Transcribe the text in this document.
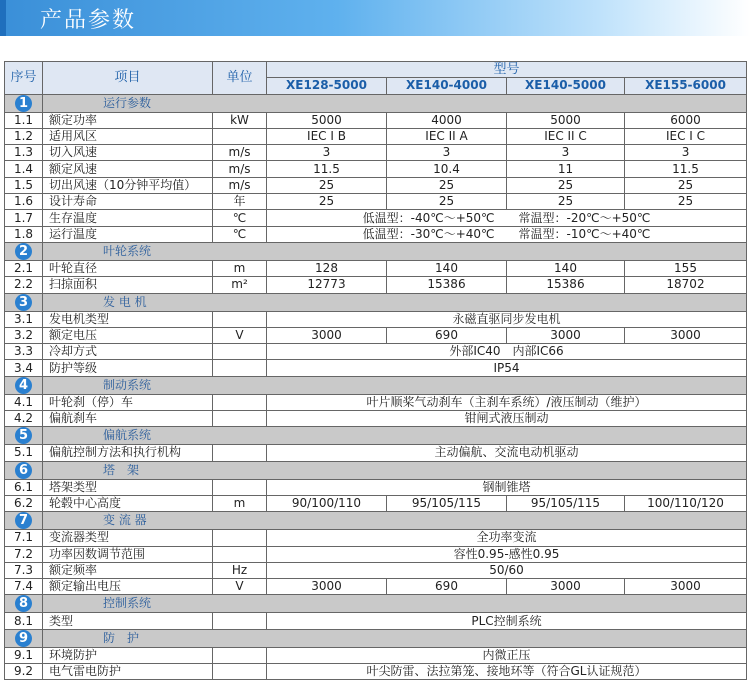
产品参数
序号	项目	单位	型号			
			XE128-5000	XE140-4000	XE140-5000	XE155-6000
1	运行参数					
1.1	额定功率	kW	5000	4000	5000	6000
1.2	适用风区		IEC I B	IEC II A	IEC II C	IEC I C
1.3	切入风速	m/s	3	3	3	3
1.4	额定风速	m/s	11.5	10.4	11	11.5
1.5	切出风速（10分钟平均值）	m/s	25	25	25	25
1.6	设计寿命	年	25	25	25	25
1.7	生存温度	℃	低温型：-40℃～+50℃　　常温型：-20℃～+50℃			
1.8	运行温度	℃	低温型：-30℃～+40℃　　常温型：-10℃～+40℃			
2	叶轮系统					
2.1	叶轮直径	m	128	140	140	155
2.2	扫掠面积	m²	12773	15386	15386	18702
3	发 电 机					
3.1	发电机类型		永磁直驱同步发电机			
3.2	额定电压	V	3000	690	3000	3000
3.3	冷却方式		外部IC40　内部IC66			
3.4	防护等级		IP54			
4	制动系统					
4.1	叶轮刹（停）车		叶片顺桨气动刹车（主刹车系统）/液压制动（维护）			
4.2	偏航刹车		钳闸式液压制动			
5	偏航系统					
5.1	偏航控制方法和执行机构		主动偏航、交流电动机驱动			
6	塔　架					
6.1	塔架类型		钢制锥塔			
6.2	轮毂中心高度	m	90/100/110	95/105/115	95/105/115	100/110/120
7	变 流 器					
7.1	变流器类型		全功率变流			
7.2	功率因数调节范围		容性0.95-感性0.95			
7.3	额定频率	Hz	50/60			
7.4	额定输出电压	V	3000	690	3000	3000
8	控制系统					
8.1	类型		PLC控制系统			
9	防　护					
9.1	环境防护		内微正压			
9.2	电气雷电防护		叶尖防雷、法拉第笼、接地环等（符合GL认证规范）			
